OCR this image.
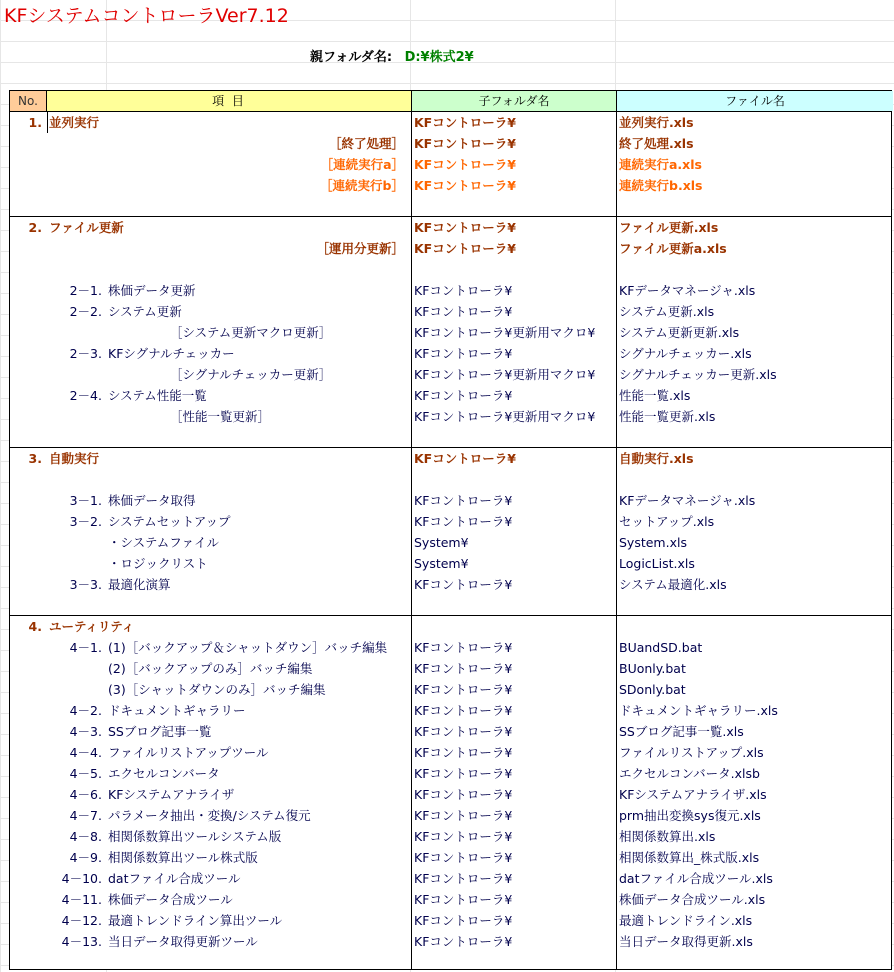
KFシステムコントローラVer7.12
親フォルダ名: D:¥株式2¥
No.	項 目	子フォルダ名	ファイル名
1. 並列実行	KFコントローラ¥	並列実行.xls
［終了処理］ KFコントローラ¥	終了処理.xls
［連続実行a］ KFコントローラ¥	連続実行a.xls
［連続実行b］ KFコントローラ¥	連続実行b.xls
2. ファイル更新	KFコントローラ¥	ファイル更新.xls
［運用分更新］ KFコントローラ¥	ファイル更新a.xls
2－1. 株価データ更新	KFコントローラ¥	KFデータマネージャ.xls
2－2. システム更新	KFコントローラ¥	システム更新.xls
［システム更新マクロ更新］	KFコントローラ¥更新用マクロ¥ システム更新更新.xls
2－3. KFシグナルチェッカー	KFコントローラ¥	シグナルチェッカー.xls
［シグナルチェッカー更新］	KFコントローラ¥更新用マクロ¥ シグナルチェッカー更新.xls
2－4. システム性能一覧	KFコントローラ¥	性能一覧.xls
［性能一覧更新］	KFコントローラ¥更新用マクロ¥ 性能一覧更新.xls
3. 自動実行	KFコントローラ¥	自動実行.xls
3－1. 株価データ取得	KFコントローラ¥	KFデータマネージャ.xls
3－2. システムセットアップ	KFコントローラ¥	セットアップ.xls
・システムファイル	System¥	System.xls
・ロジックリスト	System¥	LogicList.xls
3－3. 最適化演算	KFコントローラ¥	システム最適化.xls
4. ユーティリティ
4－1. (1)［バックアップ＆シャットダウン］バッチ編集 KFコントローラ¥	BUandSD.bat
(2)［バックアップのみ］バッチ編集	KFコントローラ¥	BUonly.bat
(3)［シャットダウンのみ］バッチ編集	KFコントローラ¥	SDonly.bat
4－2. ドキュメントギャラリー	KFコントローラ¥	ドキュメントギャラリー.xls
4－3. SSブログ記事一覧	KFコントローラ¥	SSブログ記事一覧.xls
4－4. ファイルリストアップツール	KFコントローラ¥	ファイルリストアップ.xls
4－5. エクセルコンバータ	KFコントローラ¥	エクセルコンバータ.xlsb
4－6. KFシステムアナライザ	KFコントローラ¥	KFシステムアナライザ.xls
4－7. パラメータ抽出・変換/システム復元	KFコントローラ¥	prm抽出変換sys復元.xls
4－8. 相関係数算出ツールシステム版	KFコントローラ¥	相関係数算出.xls
4－9. 相関係数算出ツール株式版	KFコントローラ¥	相関係数算出_株式版.xls
4－10. datファイル合成ツール	KFコントローラ¥	datファイル合成ツール.xls
4－11. 株価データ合成ツール	KFコントローラ¥	株価データ合成ツール.xls
4－12. 最適トレンドライン算出ツール	KFコントローラ¥	最適トレンドライン.xls
4－13. 当日データ取得更新ツール	KFコントローラ¥	当日データ取得更新.xls
